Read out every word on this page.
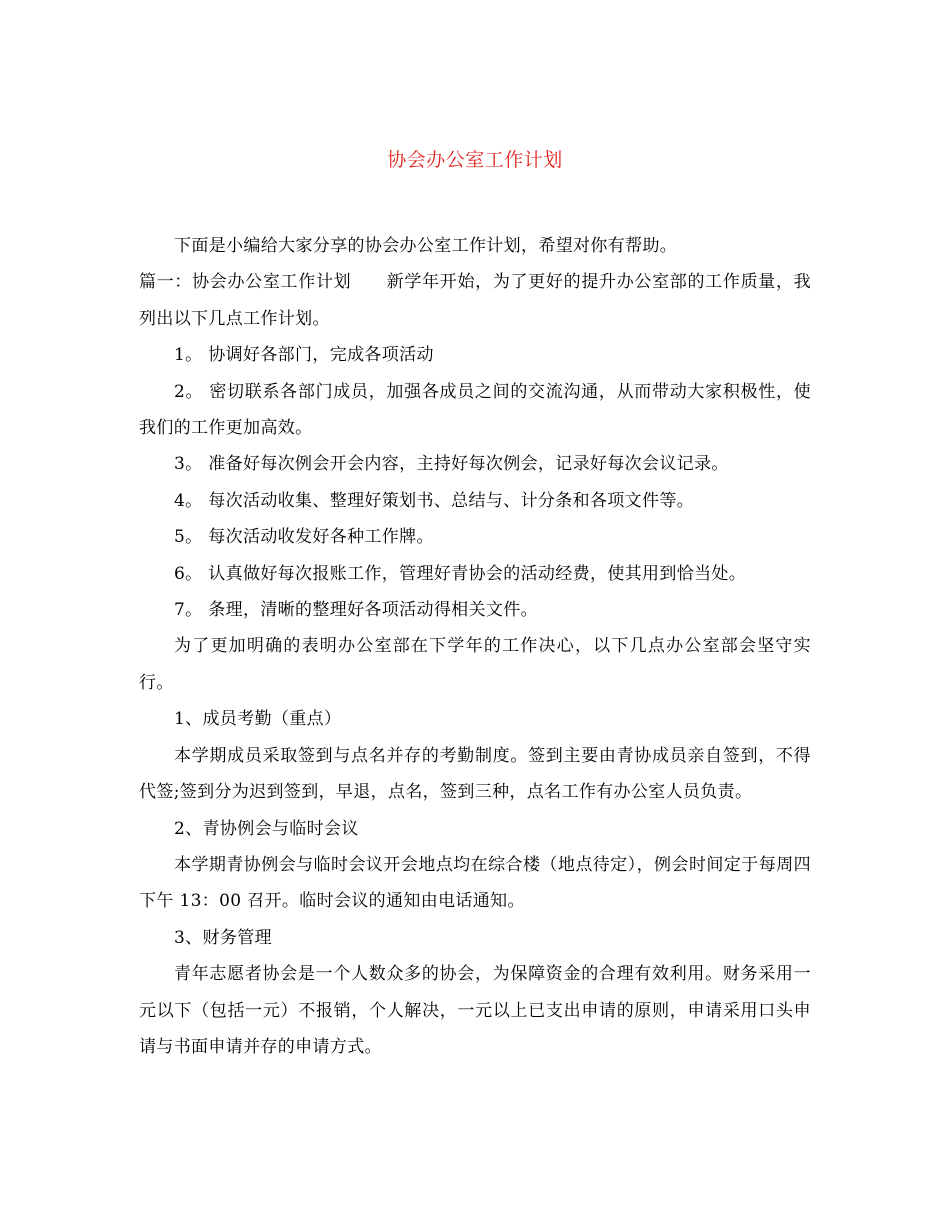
协会办公室工作计划

下面是小编给大家分享的协会办公室工作计划，希望对你有帮助。

篇一：协会办公室工作计划 新学年开始，为了更好的提升办公室部的工作质量，我列出以下几点工作计划。

1。 协调好各部门，完成各项活动

2。 密切联系各部门成员，加强各成员之间的交流沟通，从而带动大家积极性，使我们的工作更加高效。

3。 准备好每次例会开会内容，主持好每次例会，记录好每次会议记录。

4。 每次活动收集、整理好策划书、总结与、计分条和各项文件等。

5。 每次活动收发好各种工作牌。

6。 认真做好每次报账工作，管理好青协会的活动经费，使其用到恰当处。

7。 条理，清晰的整理好各项活动得相关文件。

为了更加明确的表明办公室部在下学年的工作决心，以下几点办公室部会坚守实行。

1、成员考勤（重点）

本学期成员采取签到与点名并存的考勤制度。签到主要由青协成员亲自签到，不得代签;签到分为迟到签到，早退，点名，签到三种，点名工作有办公室人员负责。

2、青协例会与临时会议

本学期青协例会与临时会议开会地点均在综合楼（地点待定），例会时间定于每周四下午 13：00 召开。临时会议的通知由电话通知。

3、财务管理

青年志愿者协会是一个人数众多的协会，为保障资金的合理有效利用。财务采用一元以下（包括一元）不报销，个人解决，一元以上已支出申请的原则，申请采用口头申请与书面申请并存的申请方式。
